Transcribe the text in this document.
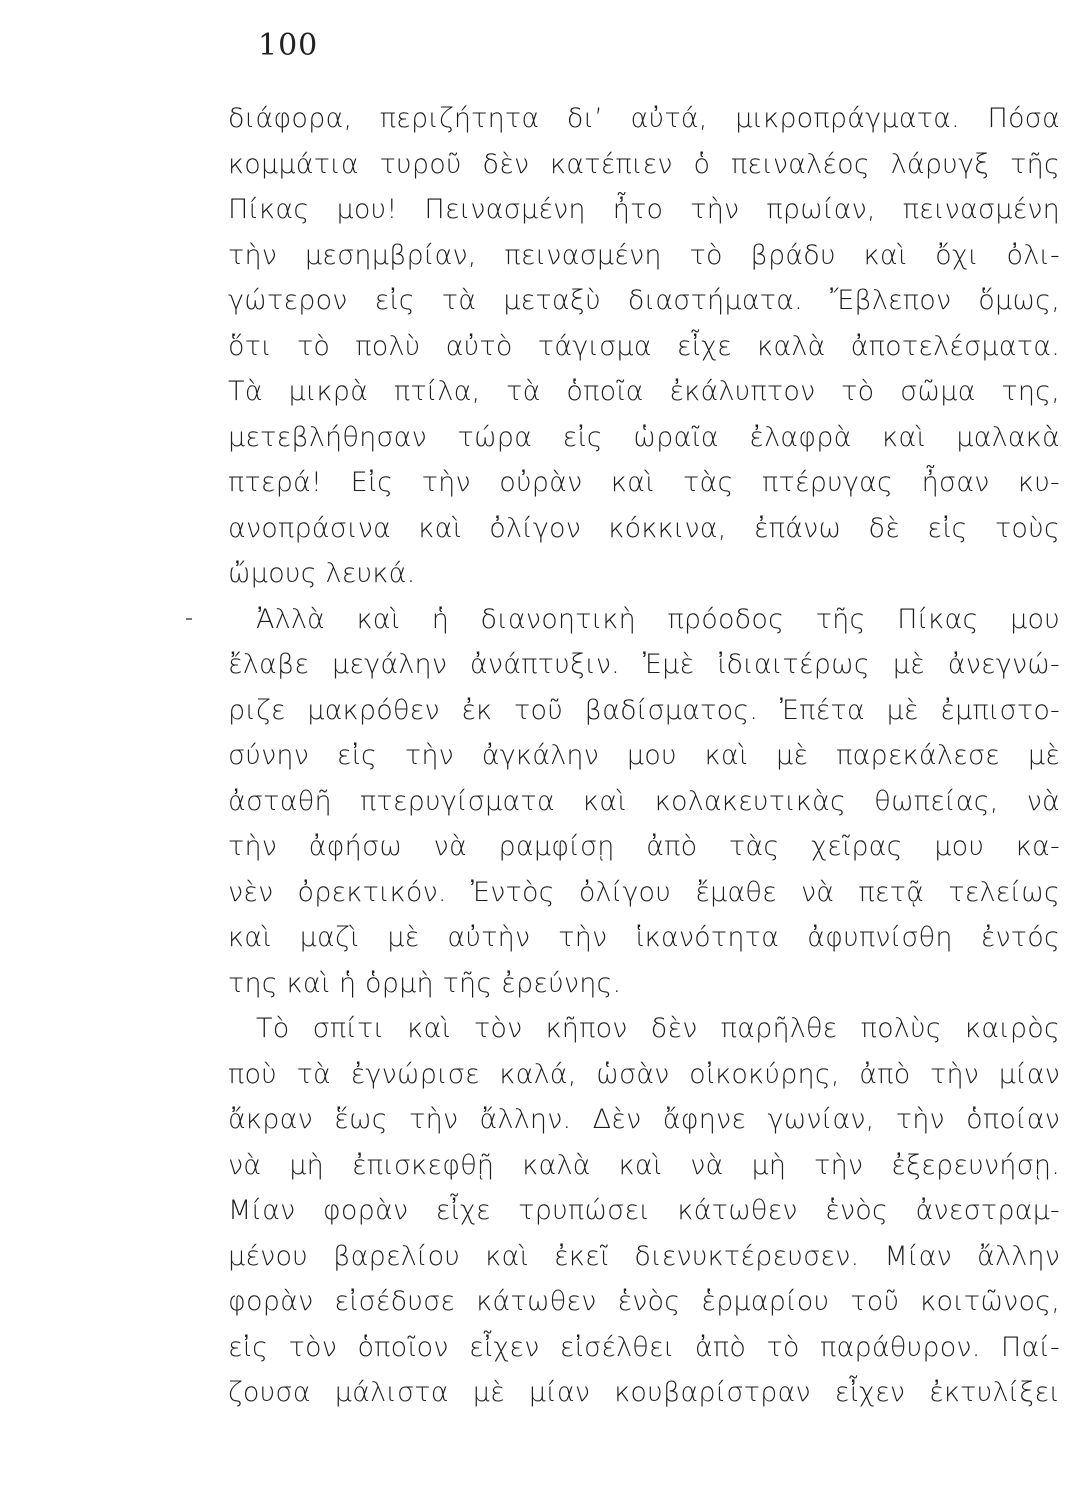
100
διάφορα, περιζήτητα δι’ αὐτά, μικροπράγματα. Πόσα
κομμάτια τυροῦ δὲν κατέπιεν ὁ πειναλέος λάρυγξ τῆς
Πίκας μου! Πεινασμένη ἦτο τὴν πρωίαν, πεινασμένη
τὴν μεσημβρίαν, πεινασμένη τὸ βράδυ καὶ ὄχι ὀλι-
γώτερον εἰς τὰ μεταξὺ διαστήματα. Ἔβλεπον ὅμως,
ὅτι τὸ πολὺ αὐτὸ τάγισμα εἶχε καλὰ ἀποτελέσματα.
Τὰ μικρὰ πτίλα, τὰ ὁποῖα ἐκάλυπτον τὸ σῶμα της,
μετεβλήθησαν τώρα εἰς ὡραῖα ἐλαφρὰ καὶ μαλακὰ
πτερά! Εἰς τὴν οὐρὰν καὶ τὰς πτέρυγας ἦσαν κυ-
ανοπράσινα καὶ ὀλίγον κόκκινα, ἐπάνω δὲ εἰς τοὺς
ὤμους λευκά.
Ἀλλὰ καὶ ἡ διανοητικὴ πρόοδος τῆς Πίκας μου
ἔλαβε μεγάλην ἀνάπτυξιν. Ἐμὲ ἰδιαιτέρως μὲ ἀνεγνώ-
ριζε μακρόθεν ἐκ τοῦ βαδίσματος. Ἐπέτα μὲ ἐμπιστο-
σύνην εἰς τὴν ἀγκάλην μου καὶ μὲ παρεκάλεσε μὲ
ἀσταθῆ πτερυγίσματα καὶ κολακευτικὰς θωπείας, νὰ
τὴν ἀφήσω νὰ ραμφίσῃ ἀπὸ τὰς χεῖρας μου κα-
νὲν ὀρεκτικόν. Ἐντὸς ὀλίγου ἔμαθε νὰ πετᾷ τελείως
καὶ μαζὶ μὲ αὐτὴν τὴν ἱκανότητα ἀφυπνίσθη ἐντός
της καὶ ἡ ὁρμὴ τῆς ἐρεύνης.
Τὸ σπίτι καὶ τὸν κῆπον δὲν παρῆλθε πολὺς καιρὸς
ποὺ τὰ ἐγνώρισε καλά, ὡσὰν οἰκοκύρης, ἀπὸ τὴν μίαν
ἄκραν ἕως τὴν ἄλλην. Δὲν ἄφηνε γωνίαν, τὴν ὁποίαν
νὰ μὴ ἐπισκεφθῇ καλὰ καὶ νὰ μὴ τὴν ἐξερευνήσῃ.
Μίαν φορὰν εἶχε τρυπώσει κάτωθεν ἑνὸς ἀνεστραμ-
μένου βαρελίου καὶ ἐκεῖ διενυκτέρευσεν. Μίαν ἄλλην
φορὰν εἰσέδυσε κάτωθεν ἑνὸς ἑρμαρίου τοῦ κοιτῶνος,
εἰς τὸν ὁποῖον εἶχεν εἰσέλθει ἀπὸ τὸ παράθυρον. Παί-
ζουσα μάλιστα μὲ μίαν κουβαρίστραν εἶχεν ἐκτυλίξει
